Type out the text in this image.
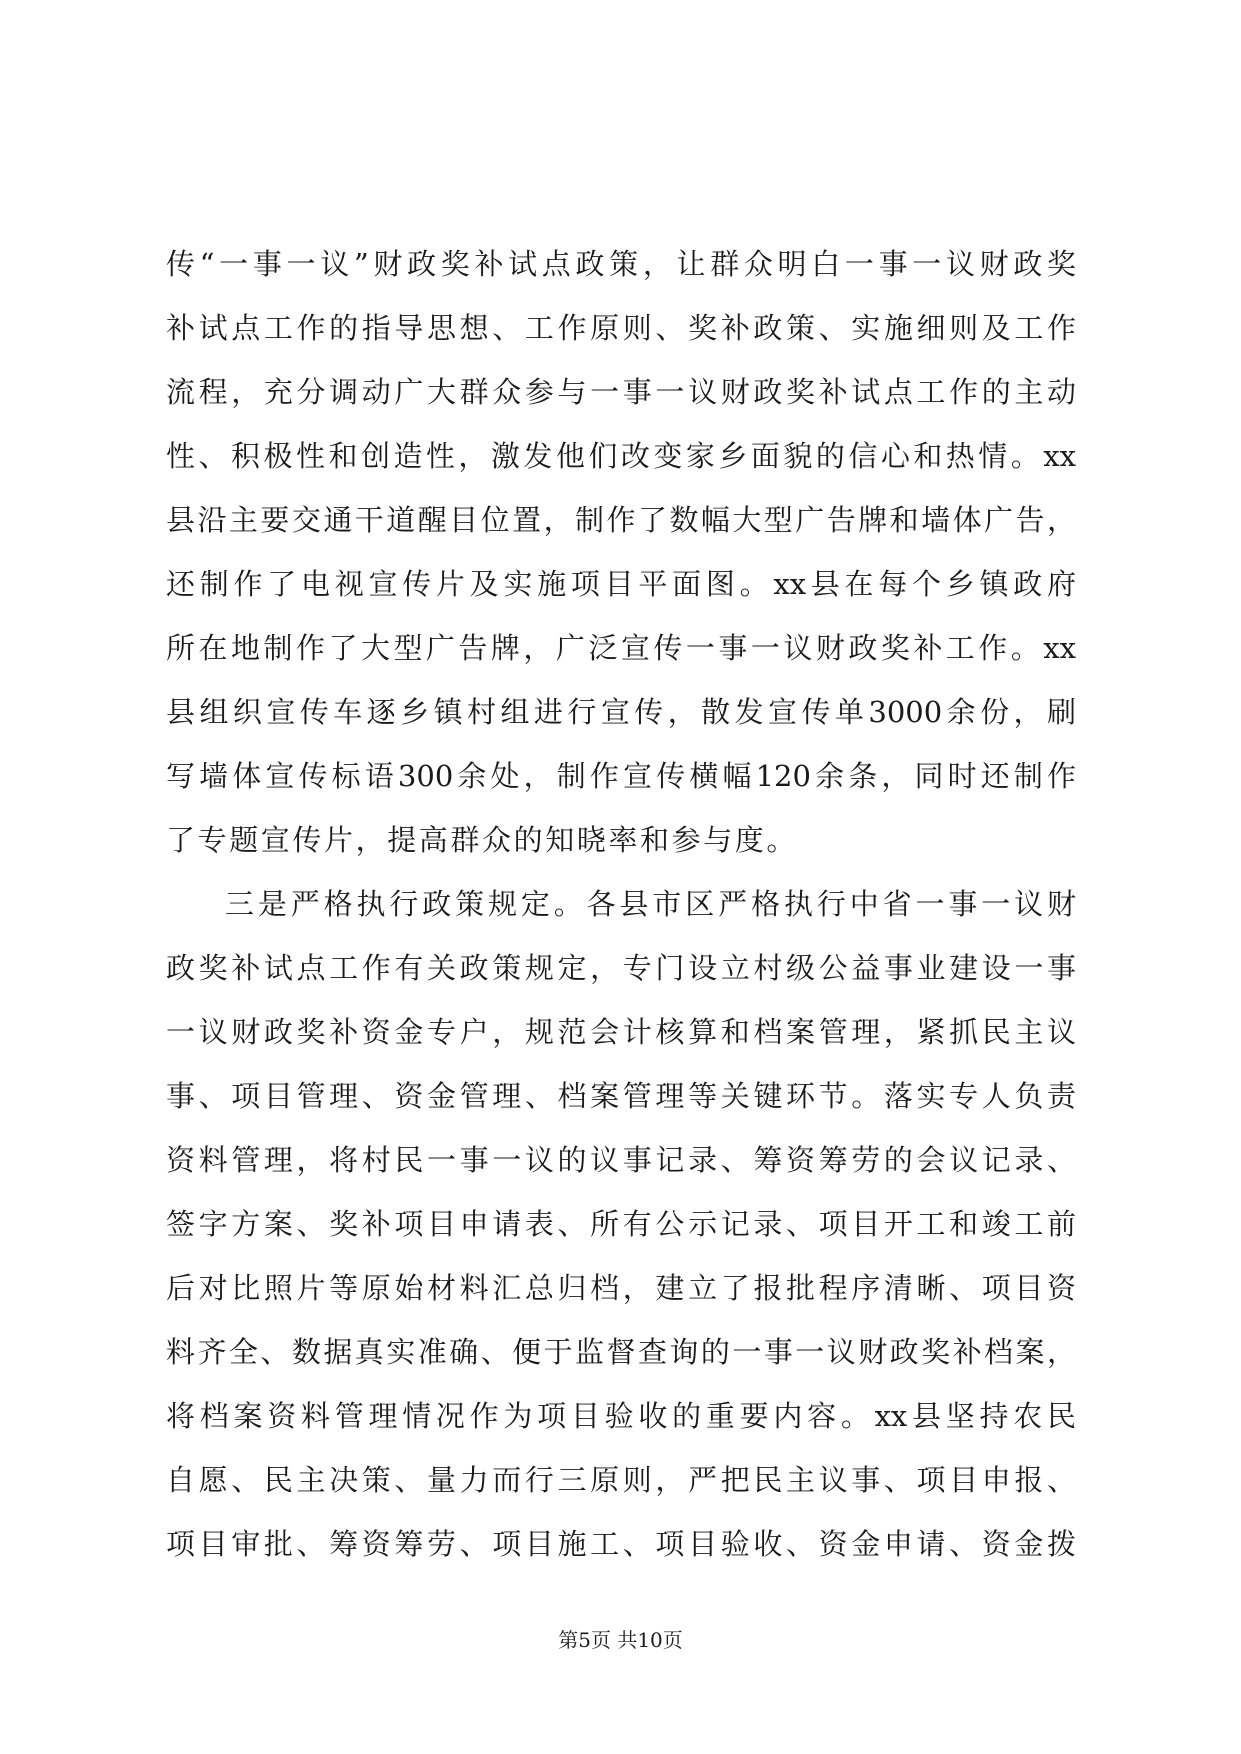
传“一事一议”财政奖补试点政策，让群众明白一事一议财政奖
补试点工作的指导思想、工作原则、奖补政策、实施细则及工作
流程，充分调动广大群众参与一事一议财政奖补试点工作的主动
性、积极性和创造性，激发他们改变家乡面貌的信心和热情。xx
县沿主要交通干道醒目位置，制作了数幅大型广告牌和墙体广告，
还制作了电视宣传片及实施项目平面图。xx县在每个乡镇政府
所在地制作了大型广告牌，广泛宣传一事一议财政奖补工作。xx
县组织宣传车逐乡镇村组进行宣传，散发宣传单3000余份，刷
写墙体宣传标语300余处，制作宣传横幅120余条，同时还制作
了专题宣传片，提高群众的知晓率和参与度。
三是严格执行政策规定。各县市区严格执行中省一事一议财
政奖补试点工作有关政策规定，专门设立村级公益事业建设一事
一议财政奖补资金专户，规范会计核算和档案管理，紧抓民主议
事、项目管理、资金管理、档案管理等关键环节。落实专人负责
资料管理，将村民一事一议的议事记录、筹资筹劳的会议记录、
签字方案、奖补项目申请表、所有公示记录、项目开工和竣工前
后对比照片等原始材料汇总归档，建立了报批程序清晰、项目资
料齐全、数据真实准确、便于监督查询的一事一议财政奖补档案，
将档案资料管理情况作为项目验收的重要内容。xx县坚持农民
自愿、民主决策、量力而行三原则，严把民主议事、项目申报、
项目审批、筹资筹劳、项目施工、项目验收、资金申请、资金拨
第5页 共10页
